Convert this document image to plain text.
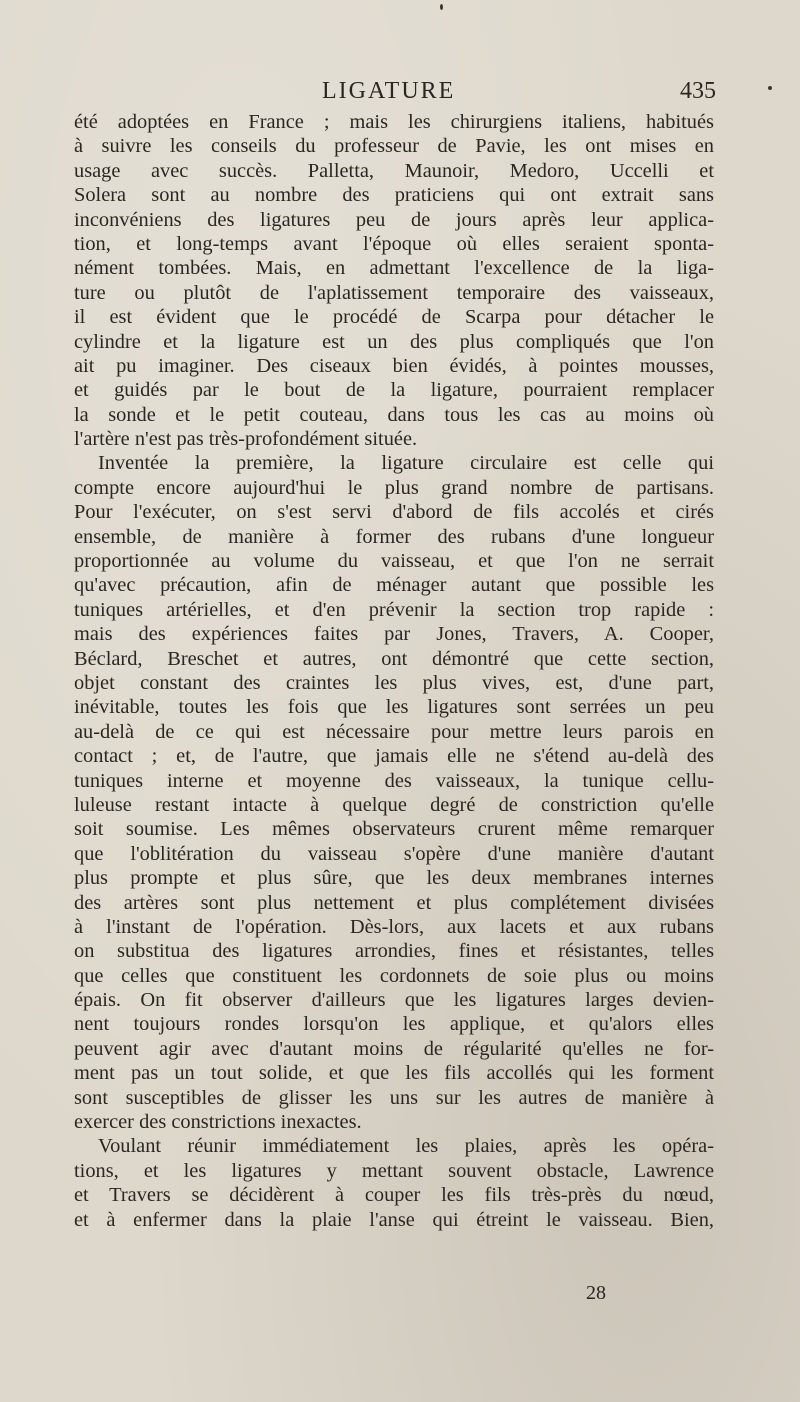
LIGATURE	435
été adoptées en France ; mais les chirurgiens italiens, habitués
à suivre les conseils du professeur de Pavie, les ont mises en
usage avec succès. Palletta, Maunoir, Medoro, Uccelli et
Solera sont au nombre des praticiens qui ont extrait sans
inconvéniens des ligatures peu de jours après leur applica-
tion, et long-temps avant l'époque où elles seraient sponta-
nément tombées. Mais, en admettant l'excellence de la liga-
ture ou plutôt de l'aplatissement temporaire des vaisseaux,
il est évident que le procédé de Scarpa pour détacher le
cylindre et la ligature est un des plus compliqués que l'on
ait pu imaginer. Des ciseaux bien évidés, à pointes mousses,
et guidés par le bout de la ligature, pourraient remplacer
la sonde et le petit couteau, dans tous les cas au moins où
l'artère n'est pas très-profondément située.
Inventée la première, la ligature circulaire est celle qui
compte encore aujourd'hui le plus grand nombre de partisans.
Pour l'exécuter, on s'est servi d'abord de fils accolés et cirés
ensemble, de manière à former des rubans d'une longueur
proportionnée au volume du vaisseau, et que l'on ne serrait
qu'avec précaution, afin de ménager autant que possible les
tuniques artérielles, et d'en prévenir la section trop rapide :
mais des expériences faites par Jones, Travers, A. Cooper,
Béclard, Breschet et autres, ont démontré que cette section,
objet constant des craintes les plus vives, est, d'une part,
inévitable, toutes les fois que les ligatures sont serrées un peu
au-delà de ce qui est nécessaire pour mettre leurs parois en
contact ; et, de l'autre, que jamais elle ne s'étend au-delà des
tuniques interne et moyenne des vaisseaux, la tunique cellu-
luleuse restant intacte à quelque degré de constriction qu'elle
soit soumise. Les mêmes observateurs crurent même remarquer
que l'oblitération du vaisseau s'opère d'une manière d'autant
plus prompte et plus sûre, que les deux membranes internes
des artères sont plus nettement et plus complétement divisées
à l'instant de l'opération. Dès-lors, aux lacets et aux rubans
on substitua des ligatures arrondies, fines et résistantes, telles
que celles que constituent les cordonnets de soie plus ou moins
épais. On fit observer d'ailleurs que les ligatures larges devien-
nent toujours rondes lorsqu'on les applique, et qu'alors elles
peuvent agir avec d'autant moins de régularité qu'elles ne for-
ment pas un tout solide, et que les fils accollés qui les forment
sont susceptibles de glisser les uns sur les autres de manière à
exercer des constrictions inexactes.
Voulant réunir immédiatement les plaies, après les opéra-
tions, et les ligatures y mettant souvent obstacle, Lawrence
et Travers se décidèrent à couper les fils très-près du nœud,
et à enfermer dans la plaie l'anse qui étreint le vaisseau. Bien,
28
